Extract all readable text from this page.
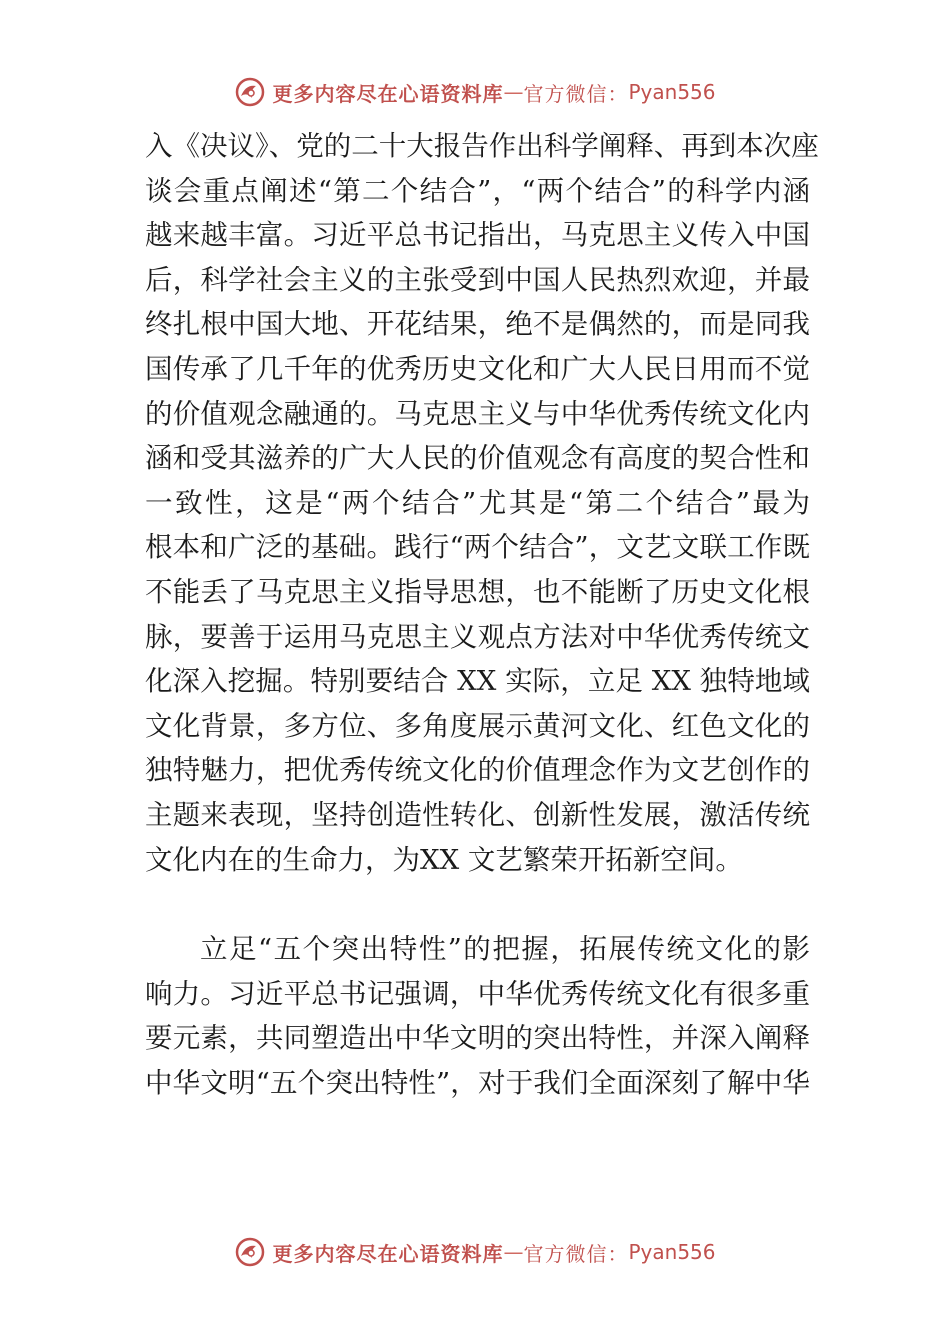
更多内容尽在心语资料库 — 官方微信： Pyan556
入《决议》、党的二十大报告作出科学阐释、再到本次座
谈会重点阐述“第二个结合”，“两个结合”的科学内涵
越来越丰富。习近平总书记指出，马克思主义传入中国
后，科学社会主义的主张受到中国人民热烈欢迎，并最
终扎根中国大地、开花结果，绝不是偶然的，而是同我
国传承了几千年的优秀历史文化和广大人民日用而不觉
的价值观念融通的。马克思主义与中华优秀传统文化内
涵和受其滋养的广大人民的价值观念有高度的契合性和
一致性，这是“两个结合”尤其是“第二个结合”最为
根本和广泛的基础。践行“两个结合”，文艺文联工作既
不能丢了马克思主义指导思想，也不能断了历史文化根
脉，要善于运用马克思主义观点方法对中华优秀传统文
化深入挖掘。特别要结合 XX 实际，立足 XX 独特地域
文化背景，多方位、多角度展示黄河文化、红色文化的
独特魅力，把优秀传统文化的价值理念作为文艺创作的
主题来表现，坚持创造性转化、创新性发展，激活传统
文化内在的生命力，为XX 文艺繁荣开拓新空间。
立足“五个突出特性”的把握，拓展传统文化的影
响力。习近平总书记强调，中华优秀传统文化有很多重
要元素，共同塑造出中华文明的突出特性，并深入阐释
中华文明“五个突出特性”，对于我们全面深刻了解中华
更多内容尽在心语资料库 — 官方微信： Pyan556
